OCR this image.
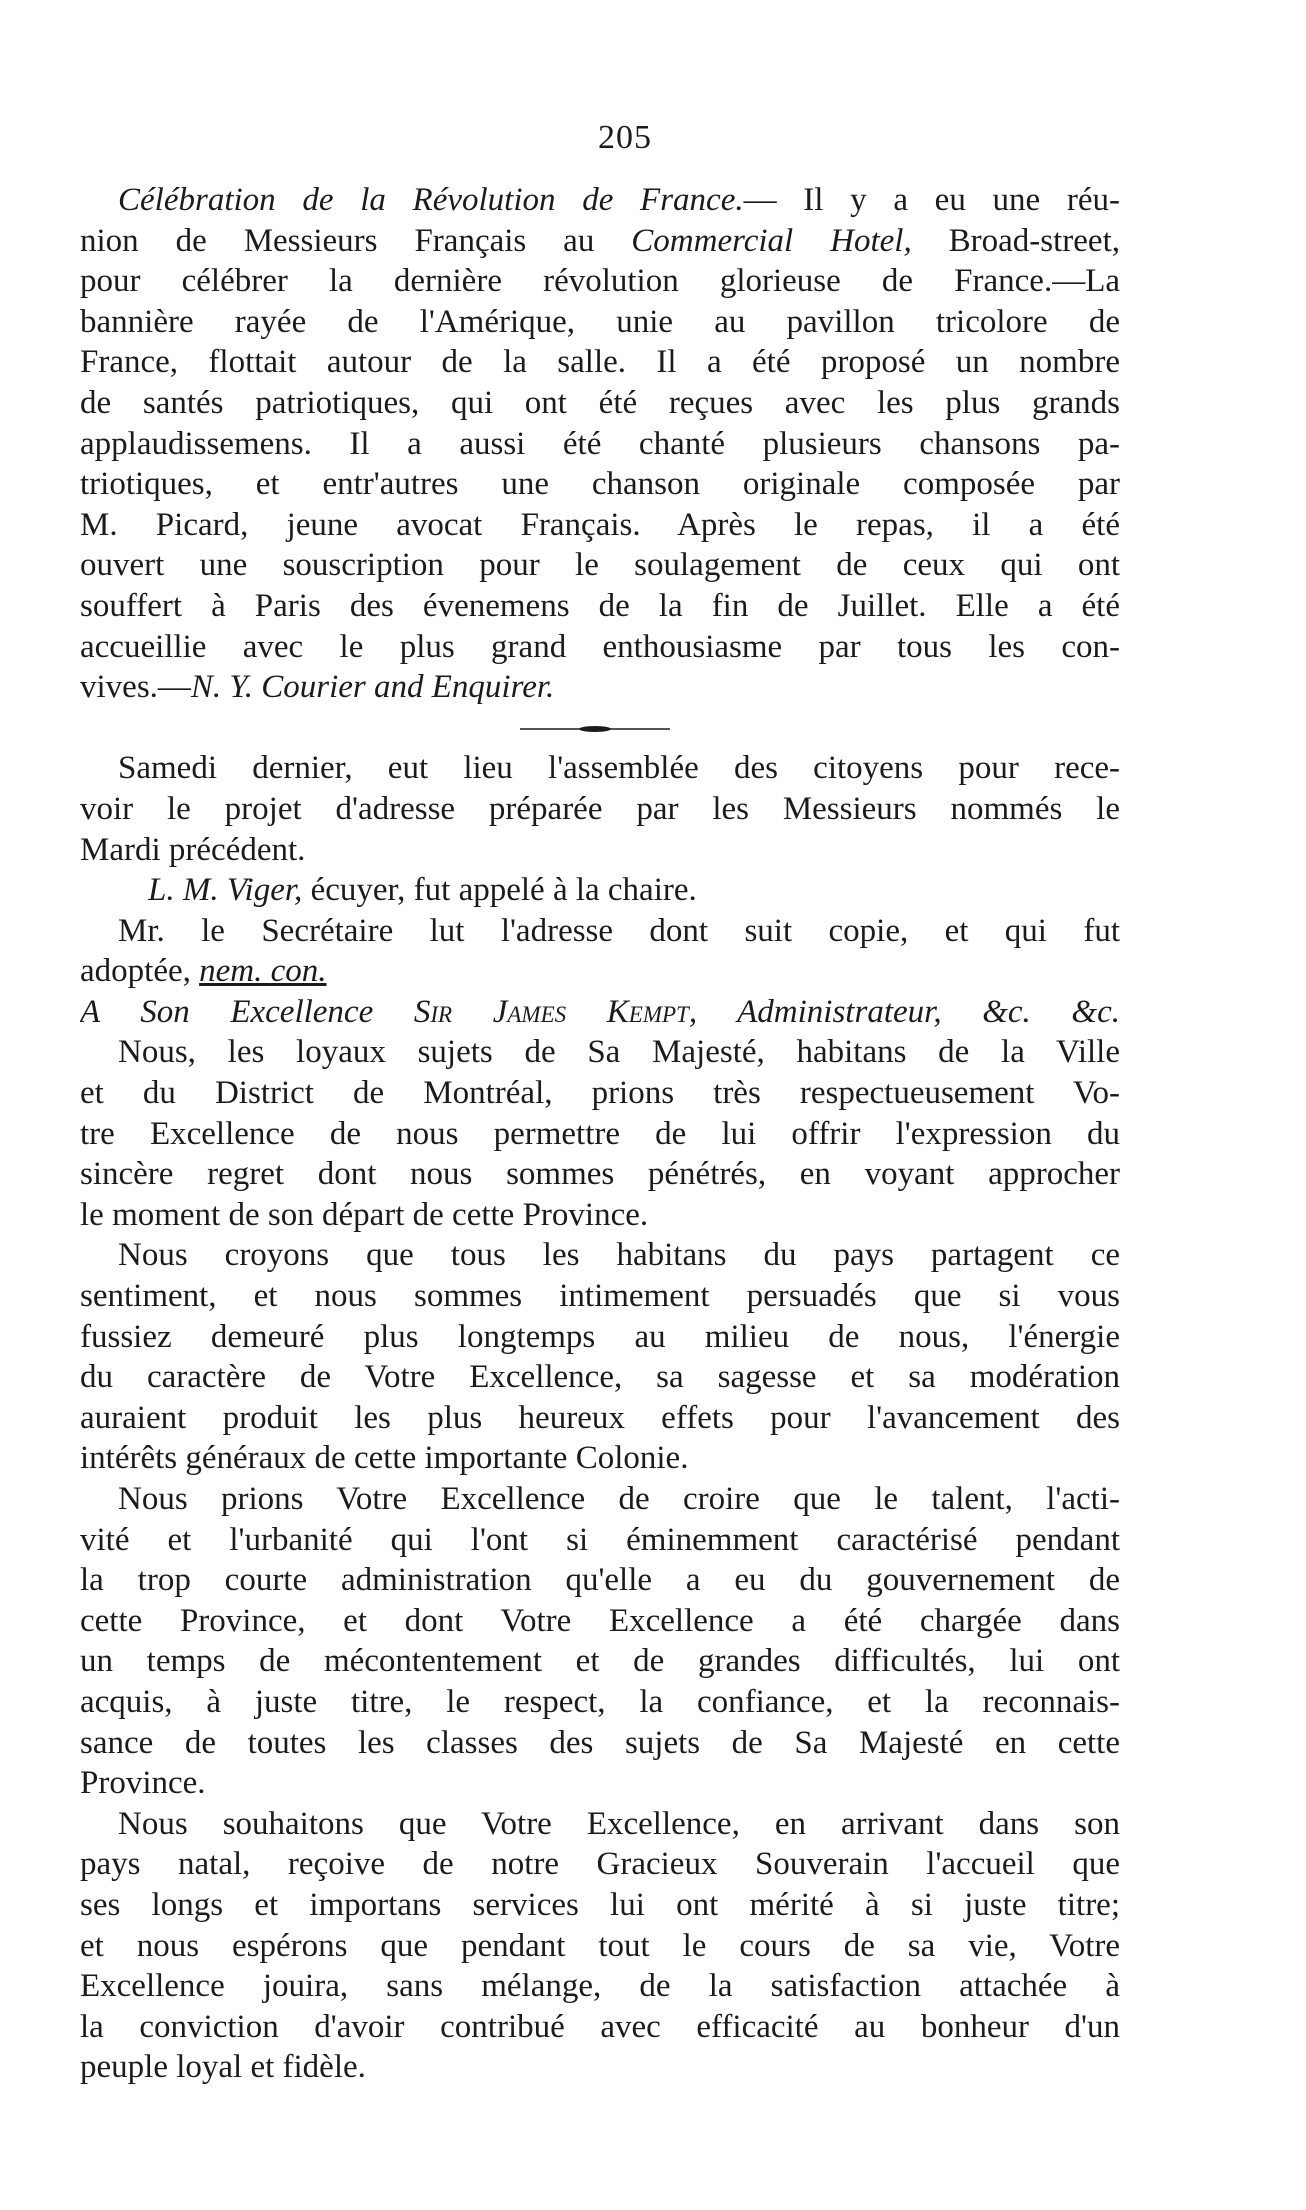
205
Célébration de la Révolution de France.— Il y a eu une réu-
nion de Messieurs Français au Commercial Hotel, Broad-street,
pour célébrer la dernière révolution glorieuse de France.—La
bannière rayée de l'Amérique, unie au pavillon tricolore de
France, flottait autour de la salle. Il a été proposé un nombre
de santés patriotiques, qui ont été reçues avec les plus grands
applaudissemens. Il a aussi été chanté plusieurs chansons pa-
triotiques, et entr'autres une chanson originale composée par
M. Picard, jeune avocat Français. Après le repas, il a été
ouvert une souscription pour le soulagement de ceux qui ont
souffert à Paris des évenemens de la fin de Juillet. Elle a été
accueillie avec le plus grand enthousiasme par tous les con-
vives.—N. Y. Courier and Enquirer.
Samedi dernier, eut lieu l'assemblée des citoyens pour rece-
voir le projet d'adresse préparée par les Messieurs nommés le
Mardi précédent.
L. M. Viger, écuyer, fut appelé à la chaire.
Mr. le Secrétaire lut l'adresse dont suit copie, et qui fut
adoptée, nem. con.
A Son Excellence Sir James Kempt, Administrateur, &c. &c.
Nous, les loyaux sujets de Sa Majesté, habitans de la Ville
et du District de Montréal, prions très respectueusement Vo-
tre Excellence de nous permettre de lui offrir l'expression du
sincère regret dont nous sommes pénétrés, en voyant approcher
le moment de son départ de cette Province.
Nous croyons que tous les habitans du pays partagent ce
sentiment, et nous sommes intimement persuadés que si vous
fussiez demeuré plus longtemps au milieu de nous, l'énergie
du caractère de Votre Excellence, sa sagesse et sa modération
auraient produit les plus heureux effets pour l'avancement des
intérêts généraux de cette importante Colonie.
Nous prions Votre Excellence de croire que le talent, l'acti-
vité et l'urbanité qui l'ont si éminemment caractérisé pendant
la trop courte administration qu'elle a eu du gouvernement de
cette Province, et dont Votre Excellence a été chargée dans
un temps de mécontentement et de grandes difficultés, lui ont
acquis, à juste titre, le respect, la confiance, et la reconnais-
sance de toutes les classes des sujets de Sa Majesté en cette
Province.
Nous souhaitons que Votre Excellence, en arrivant dans son
pays natal, reçoive de notre Gracieux Souverain l'accueil que
ses longs et importans services lui ont mérité à si juste titre;
et nous espérons que pendant tout le cours de sa vie, Votre
Excellence jouira, sans mélange, de la satisfaction attachée à
la conviction d'avoir contribué avec efficacité au bonheur d'un
peuple loyal et fidèle.
